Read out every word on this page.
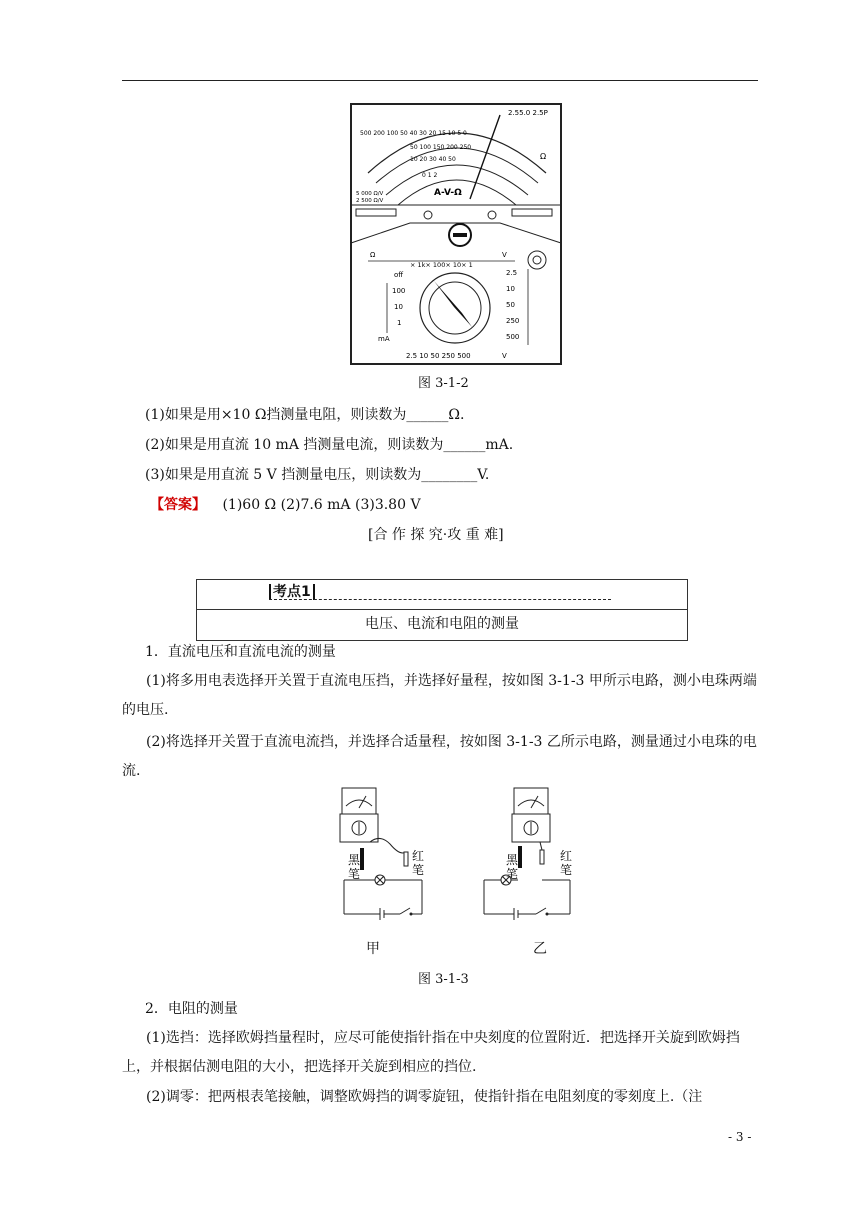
500 200 100 50 40 30 20 15 10 5 0
2.55.0 2.5P
Ω
50 100 150 200 250
10 20 30 40 50
0 1 2
A-V-Ω
5 000 Ω/V
2 500 Ω/V
Ω	V
× 1k× 100× 10× 1
off
100
10
1
mA
2.5
10
50
250
500
2.5 10 50 250 500	V
图 3-1-2
(1)如果是用×10 Ω挡测量电阻，则读数为______Ω.
(2)如果是用直流 10 mA 挡测量电流，则读数为______mA.
(3)如果是用直流 5 V 挡测量电压，则读数为________V.
【答案】 (1)60 Ω (2)7.6 mA (3)3.80 V
[合 作 探 究·攻 重 难]
考点1
电压、电流和电阻的测量
1．直流电压和直流电流的测量
(1)将多用电表选择开关置于直流电压挡，并选择好量程，按如图 3-1-3 甲所示电路，测小电珠两端的电压.
(2)将选择开关置于直流电流挡，并选择合适量程，按如图 3-1-3 乙所示电路，测量通过小电珠的电流.
黑
笔
红
笔
黑
笔
红
笔
甲	乙
图 3-1-3
2．电阻的测量
(1)选挡：选择欧姆挡量程时，应尽可能使指针指在中央刻度的位置附近．把选择开关旋到欧姆挡上，并根据估测电阻的大小，把选择开关旋到相应的挡位.
(2)调零：把两根表笔接触，调整欧姆挡的调零旋钮，使指针指在电阻刻度的零刻度上.（注
- 3 -
